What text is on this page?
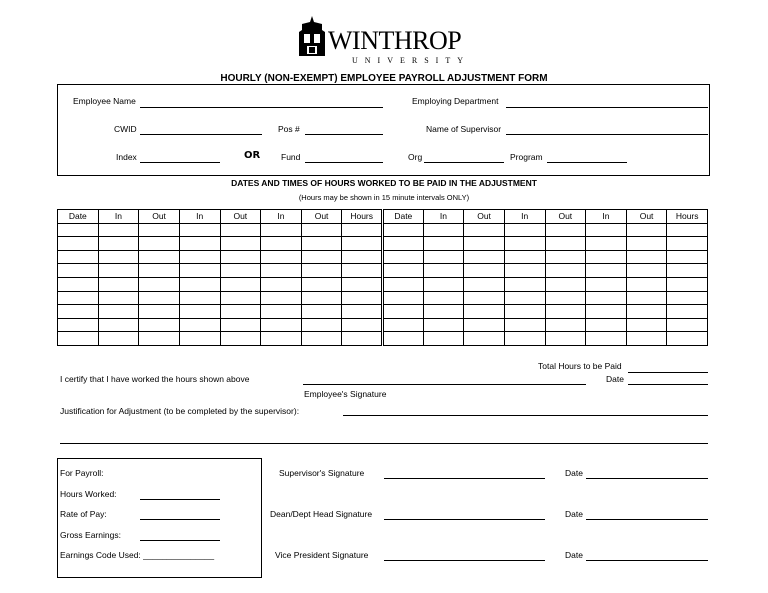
WINTHROP
UNIVERSITY
HOURLY (NON-EXEMPT) EMPLOYEE PAYROLL ADJUSTMENT FORM
Employee Name	Employing Department
CWID	Pos #	Name of Supervisor
Index	OR Fund	Org	Program
DATES AND TIMES OF HOURS WORKED TO BE PAID IN THE ADJUSTMENT
(Hours may be shown in 15 minute intervals ONLY)
Date	In	Out	In	Out	In	Out	Hours	Date	In	Out	In	Out	In	Out	Hours

Total Hours to be Paid
Date
I certify that I have worked the hours shown above
Employee's Signature
Justification for Adjustment (to be completed by the supervisor):
For Payroll:
Hours Worked:
Rate of Pay:
Gross Earnings:
Earnings Code Used: _______________
Supervisor's Signature	Date
Dean/Dept Head Signature	Date
Vice President Signature	Date
